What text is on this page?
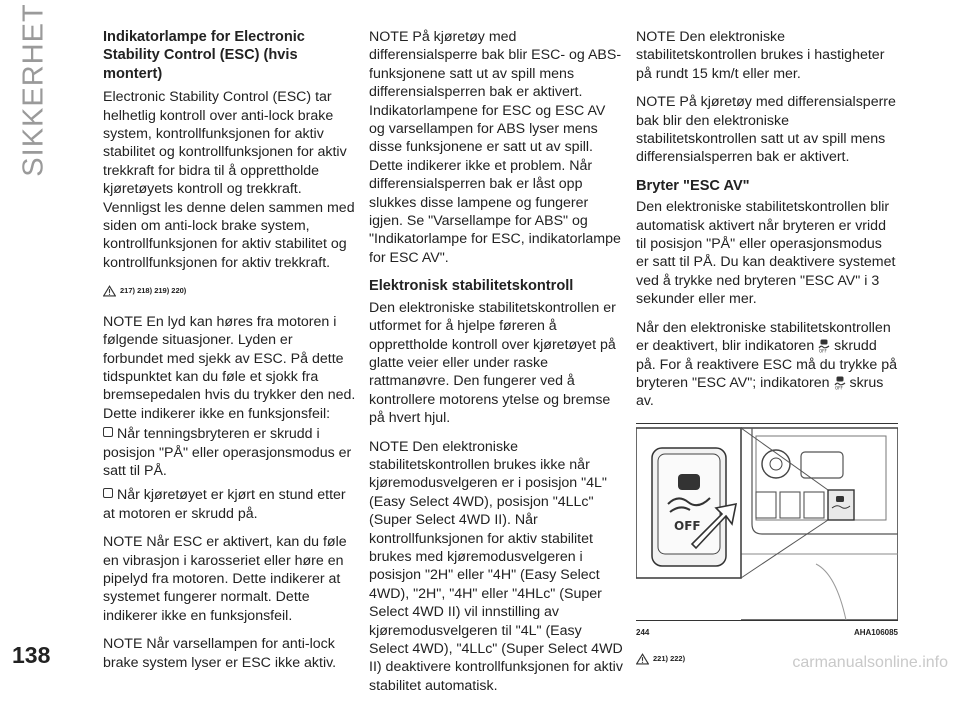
SIKKERHET	Indikatorlampe for Electronic Stability Control (ESC) (hvis montert)

Electronic Stability Control (ESC) tar helhetlig kontroll over anti-lock brake system, kontrollfunksjonen for aktiv stabilitet og kontrollfunksjonen for aktiv trekkraft for bidra til å opprettholde kjøretøyets kontroll og trekkraft. Vennligst les denne delen sammen med siden om anti-lock brake system, kontrollfunksjonen for aktiv stabilitet og kontrollfunksjonen for aktiv trekkraft.

217) 218) 219) 220)

NOTE En lyd kan høres fra motoren i følgende situasjoner. Lyden er forbundet med sjekk av ESC. På dette tidspunktet kan du føle et sjokk fra bremsepedalen hvis du trykker den ned. Dette indikerer ikke en funksjonsfeil:

Når tenningsbryteren er skrudd i posisjon "PÅ" eller operasjonsmodus er satt til PÅ.
Når kjøretøyet er kjørt en stund etter at motoren er skrudd på.

NOTE Når ESC er aktivert, kan du føle en vibrasjon i karosseriet eller høre en pipelyd fra motoren. Dette indikerer at systemet fungerer normalt. Dette indikerer ikke en funksjonsfeil.

NOTE Når varsellampen for anti-lock brake system lyser er ESC ikke aktiv.

NOTE På kjøretøy med differensialsperre bak blir ESC- og ABS-funksjonene satt ut av spill mens differensialsperren bak er aktivert. Indikatorlampene for ESC og ESC AV og varsellampen for ABS lyser mens disse funksjonene er satt ut av spill. Dette indikerer ikke et problem. Når differensialsperren bak er låst opp slukkes disse lampene og fungerer igjen. Se "Varsellampe for ABS" og "Indikatorlampe for ESC, indikatorlampe for ESC AV".

Elektronisk stabilitetskontroll

Den elektroniske stabilitetskontrollen er utformet for å hjelpe føreren å opprettholde kontroll over kjøretøyet på glatte veier eller under raske rattmanøvre. Den fungerer ved å kontrollere motorens ytelse og bremse på hvert hjul.

NOTE Den elektroniske stabilitetskontrollen brukes ikke når kjøremodusvelgeren er i posisjon "4L" (Easy Select 4WD), posisjon "4LLc" (Super Select 4WD II). Når kontrollfunksjonen for aktiv stabilitet brukes med kjøremodusvelgeren i posisjon "2H" eller "4H" (Easy Select 4WD), "2H", "4H" eller "4HLc" (Super Select 4WD II) vil innstilling av kjøremodusvelgeren til "4L" (Easy Select 4WD), "4LLc" (Super Select 4WD II) deaktivere kontrollfunksjonen for aktiv stabilitet automatisk.

NOTE Den elektroniske stabilitetskontrollen brukes i hastigheter på rundt 15 km/t eller mer.

NOTE På kjøretøy med differensialsperre bak blir den elektroniske stabilitetskontrollen satt ut av spill mens differensialsperren bak er aktivert.

Bryter "ESC AV"

Den elektroniske stabilitetskontrollen blir automatisk aktivert når bryteren er vridd til posisjon "PÅ" eller operasjonsmodus er satt til PÅ. Du kan deaktivere systemet ved å trykke ned bryteren "ESC AV" i 3 sekunder eller mer.

Når den elektroniske stabilitetskontrollen er deaktivert, blir indikatoren OFF skrudd på. For å reaktivere ESC må du trykke på bryteren "ESC AV"; indikatoren OFF skrus av.

OFF
244	AHA106085
221) 222)
138	carmanualsonline.info
